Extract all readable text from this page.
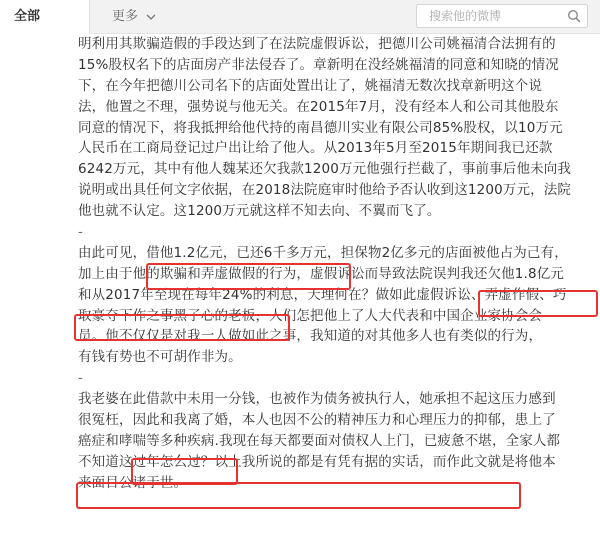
全部	更多
搜索他的微博
明利用其欺骗造假的手段达到了在法院虚假诉讼，把德川公司姚福清合法拥有的
15%股权名下的店面房产非法侵吞了。章新明在没经姚福清的同意和知晓的情况
下，在今年把德川公司名下的店面处置出让了，姚福清无数次找章新明这个说
法，他置之不理，强势说与他无关。在2015年7月，没有经本人和公司其他股东
同意的情况下，将我抵押给他代持的南昌德川实业有限公司85%股权，以10万元
人民币在工商局登记过户出让给了他人。从2013年5月至2015年期间我已还款
6242万元，其中有他人魏某还欠我款1200万元他强行拦截了，事前事后他未向我
说明或出具任何文字依据，在2018法院庭审时他给予否认收到这1200万元，法院
他也就不认定。这1200万元就这样不知去向、不翼而飞了。
-
由此可见，借他1.2亿元，已还6千多万元，担保物2亿多元的店面被他占为己有，
加上由于他的欺骗和弄虚做假的行为，虚假诉讼而导致法院误判我还欠他1.8亿元
和从2017年至现在每年24%的利息，天理何在？做如此虚假诉讼、弄虚作假、巧
取豪夺下作之事黑了心的老板，人们怎把他上了人大代表和中国企业家协会会
员。他不仅仅是对我一人做如此之事，我知道的对其他多人也有类似的行为，
有钱有势也不可胡作非为。
-
我老婆在此借款中未用一分钱，也被作为债务被执行人，她承担不起这压力感到
很冤枉，因此和我离了婚，本人也因不公的精神压力和心理压力的抑郁，患上了
癌症和哮喘等多种疾病.我现在每天都要面对债权人上门，已疲惫不堪，全家人都
不知道这过年怎么过？以上我所说的都是有凭有据的实话，而作此文就是将他本
来面目公诸于世。
